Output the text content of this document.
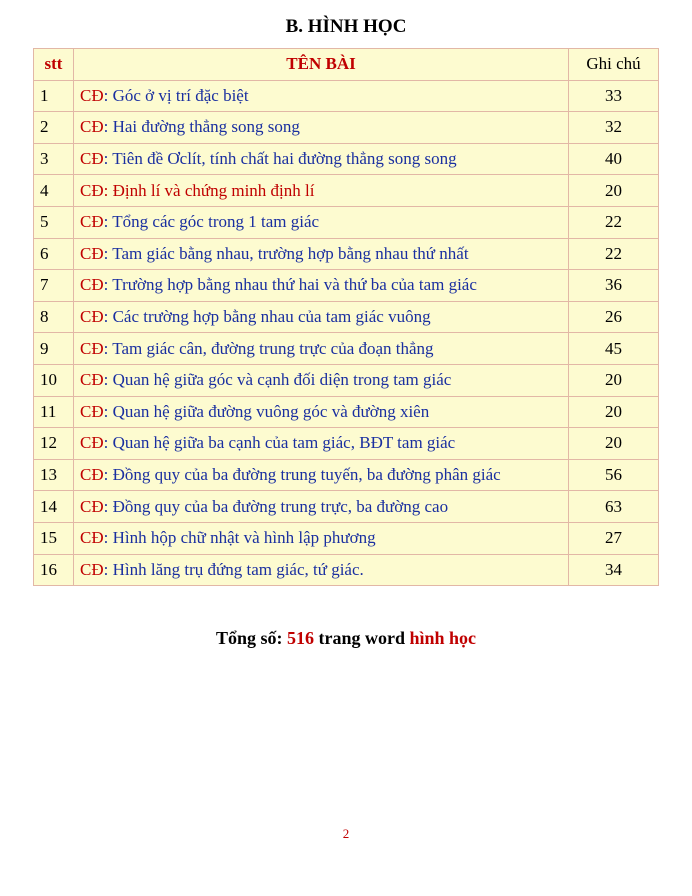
B. HÌNH HỌC
stt	TÊN BÀI	Ghi chú
1	CĐ: Góc ở vị trí đặc biệt	33
2	CĐ: Hai đường thẳng song song	32
3	CĐ: Tiên đề Ơclít, tính chất hai đường thẳng song song	40
4	CĐ: Định lí và chứng minh định lí	20
5	CĐ: Tổng các góc trong 1 tam giác	22
6	CĐ: Tam giác bằng nhau, trường hợp bằng nhau thứ nhất	22
7	CĐ: Trường hợp bằng nhau thứ hai và thứ ba của tam giác	36
8	CĐ: Các trường hợp bằng nhau của tam giác vuông	26
9	CĐ: Tam giác cân, đường trung trực của đoạn thẳng	45
10	CĐ: Quan hệ giữa góc và cạnh đối diện trong tam giác	20
11	CĐ: Quan hệ giữa đường vuông góc và đường xiên	20
12	CĐ: Quan hệ giữa ba cạnh của tam giác, BĐT tam giác	20
13	CĐ: Đồng quy của ba đường trung tuyến, ba đường phân giác	56
14	CĐ: Đồng quy của ba đường trung trực, ba đường cao	63
15	CĐ: Hình hộp chữ nhật và hình lập phương	27
16	CĐ: Hình lăng trụ đứng tam giác, tứ giác.	34
Tổng số: 516 trang word hình học
2
